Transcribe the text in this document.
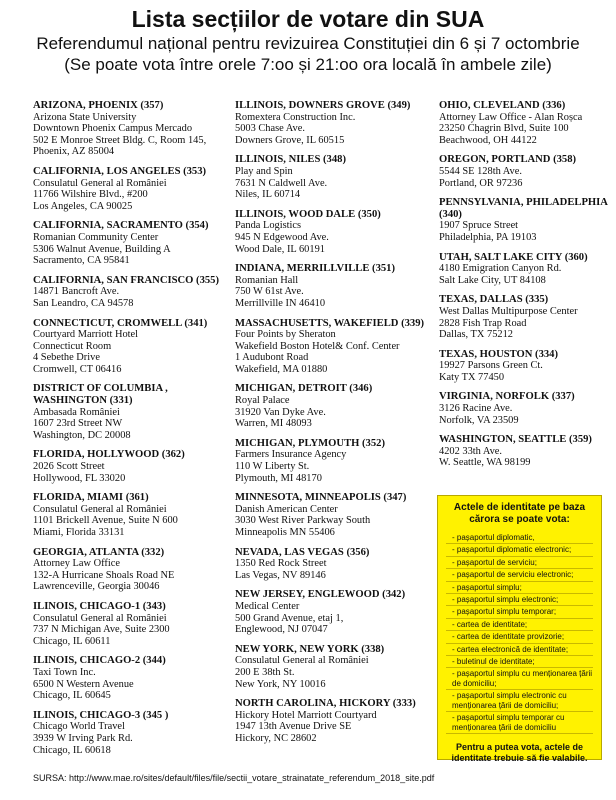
Lista secțiilor de votare din SUA
Referendumul național pentru revizuirea Constituției din 6 și 7 octombrie
(Se poate vota între orele 7:oo și 21:oo ora locală în ambele zile)
ARIZONA, PHOENIX (357)
Arizona State University
Downtown Phoenix Campus Mercado
502 E Monroe Street Bldg. C, Room 145,
Phoenix, AZ 85004
CALIFORNIA, LOS ANGELES (353)
Consulatul General al României
11766 Wilshire Blvd., #200
Los Angeles, CA 90025
CALIFORNIA, SACRAMENTO (354)
Romanian Community Center
5306 Walnut Avenue, Building A
Sacramento, CA 95841
CALIFORNIA, SAN FRANCISCO (355)
14871 Bancroft Ave.
San Leandro, CA 94578
CONNECTICUT, CROMWELL (341)
Courtyard Marriott Hotel
Connecticut Room
4 Sebethe Drive
Cromwell, CT 06416
DISTRICT OF COLUMBIA , WASHINGTON (331)
Ambasada României
1607 23rd Street NW
Washington, DC 20008
FLORIDA, HOLLYWOOD (362)
2026 Scott Street
Hollywood, FL 33020
FLORIDA, MIAMI (361)
Consulatul General al României
1101 Brickell Avenue, Suite N 600
Miami, Florida 33131
GEORGIA, ATLANTA (332)
Attorney Law Office
132-A Hurricane Shoals Road NE
Lawrenceville, Georgia 30046
ILINOIS, CHICAGO-1 (343)
Consulatul General al României
737 N Michigan Ave, Suite 2300
Chicago, IL 60611
ILINOIS, CHICAGO-2 (344)
Taxi Town Inc.
6500 N Western Avenue
Chicago, IL 60645
ILINOIS, CHICAGO-3 (345 )
Chicago World Travel
3939 W Irving Park Rd.
Chicago, IL 60618
ILLINOIS, DOWNERS GROVE (349)
Romextera Construction Inc.
5003 Chase Ave.
Downers Grove, IL 60515
ILLINOIS, NILES (348)
Play and Spin
7631 N Caldwell Ave.
Niles, IL 60714
ILLINOIS, WOOD DALE (350)
Panda Logistics
945 N Edgewood Ave.
Wood Dale, IL 60191
INDIANA, MERRILLVILLE (351)
Romanian Hall
750 W 61st Ave.
Merrillville IN 46410
MASSACHUSETTS, WAKEFIELD (339)
Four Points by Sheraton
Wakefield Boston Hotel& Conf. Center
1 Audubont Road
Wakefield, MA 01880
MICHIGAN, DETROIT (346)
Royal Palace
31920 Van Dyke Ave.
Warren, MI 48093
MICHIGAN, PLYMOUTH (352)
Farmers Insurance Agency
110 W Liberty St.
Plymouth, MI 48170
MINNESOTA, MINNEAPOLIS (347)
Danish American Center
3030 West River Parkway South
Minneapolis MN 55406
NEVADA, LAS VEGAS (356)
1350 Red Rock Street
Las Vegas, NV 89146
NEW JERSEY, ENGLEWOOD (342)
Medical Center
500 Grand Avenue, etaj 1,
Englewood, NJ 07047
NEW YORK, NEW YORK (338)
Consulatul General al României
200 E 38th St.
New York, NY 10016
NORTH CAROLINA, HICKORY (333)
Hickory Hotel Marriott Courtyard
1947 13th Avenue Drive SE
Hickory, NC 28602
OHIO, CLEVELAND (336)
Attorney Law Office - Alan Roșca
23250 Chagrin Blvd, Suite 100
Beachwood, OH 44122
OREGON, PORTLAND (358)
5544 SE 128th Ave.
Portland, OR 97236
PENNSYLVANIA, PHILADELPHIA (340)
1907 Spruce Street
Philadelphia, PA 19103
UTAH, SALT LAKE CITY (360)
4180 Emigration Canyon Rd.
Salt Lake City, UT 84108
TEXAS, DALLAS (335)
West Dallas Multipurpose Center
2828 Fish Trap Road
Dallas, TX 75212
TEXAS, HOUSTON (334)
19927 Parsons Green Ct.
Katy TX 77450
VIRGINIA, NORFOLK (337)
3126 Racine Ave.
Norfolk, VA 23509
WASHINGTON, SEATTLE (359)
4202 33th Ave.
W. Seattle, WA 98199
Actele de identitate pe baza cărora se poate vota:
- pașaportul diplomatic,
- pașaportul diplomatic electronic;
- pașaportul de serviciu;
- pașaportul de serviciu electronic;
- pașaportul simplu;
- pașaportul simplu electronic;
- pașaportul simplu temporar;
- cartea de identitate;
- cartea de identitate provizorie;
- cartea electronică de identitate;
- buletinul de identitate;
- pașaportul simplu cu menționarea țării de domiciliu;
- pașaportul simplu electronic cu menționarea țării de domiciliu;
- pașaportul simplu temporar cu menționarea țării de domiciliu
Pentru a putea vota, actele de identitate trebuie să fie valabile.
SURSA: http://www.mae.ro/sites/default/files/file/sectii_votare_strainatate_referendum_2018_site.pdf
